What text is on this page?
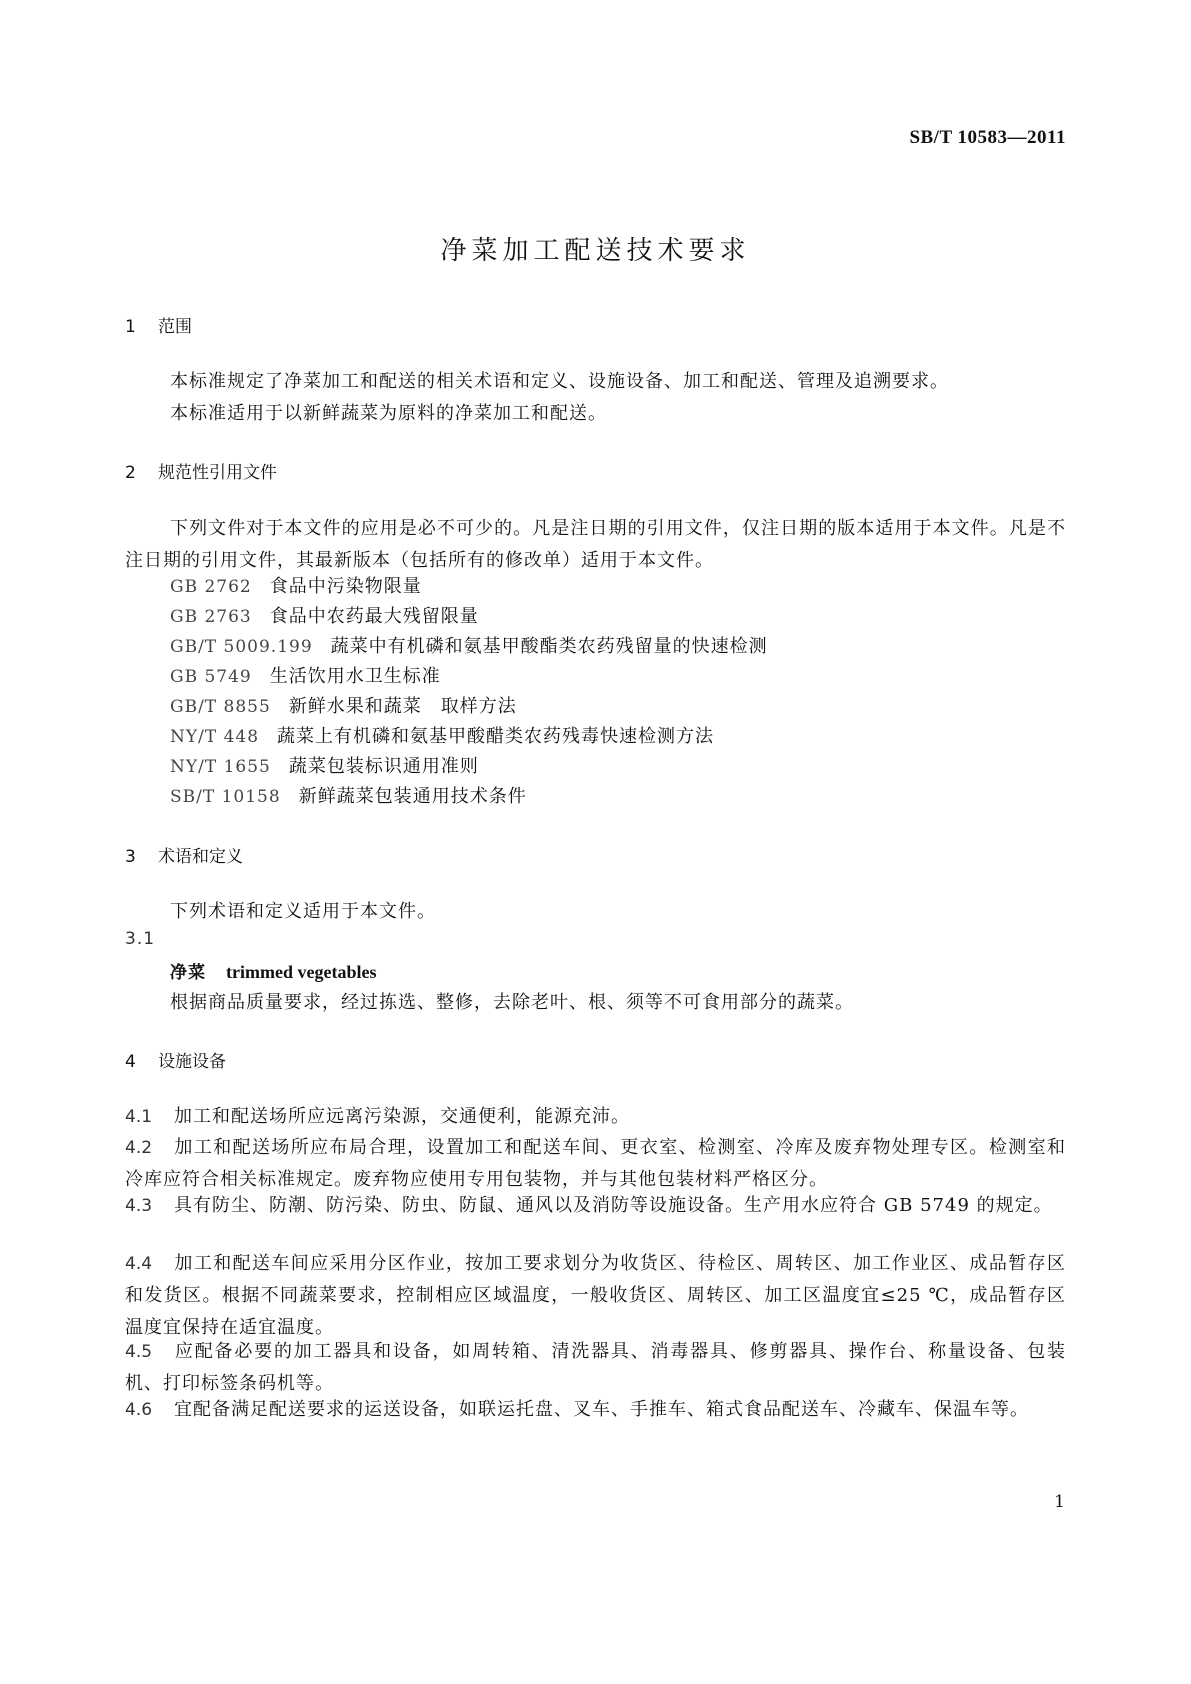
SB/T 10583—2011
净菜加工配送技术要求
1 范围
本标准规定了净菜加工和配送的相关术语和定义、设施设备、加工和配送、管理及追溯要求。
本标准适用于以新鲜蔬菜为原料的净菜加工和配送。
2 规范性引用文件
下列文件对于本文件的应用是必不可少的。凡是注日期的引用文件，仅注日期的版本适用于本文件。凡是不注日期的引用文件，其最新版本（包括所有的修改单）适用于本文件。
GB 2762 食品中污染物限量
GB 2763 食品中农药最大残留限量
GB/T 5009.199 蔬菜中有机磷和氨基甲酸酯类农药残留量的快速检测
GB 5749 生活饮用水卫生标准
GB/T 8855 新鲜水果和蔬菜　取样方法
NY/T 448 蔬菜上有机磷和氨基甲酸醋类农药残毒快速检测方法
NY/T 1655 蔬菜包装标识通用准则
SB/T 10158 新鲜蔬菜包装通用技术条件
3 术语和定义
下列术语和定义适用于本文件。
3.1
净菜 trimmed vegetables
根据商品质量要求，经过拣选、整修，去除老叶、根、须等不可食用部分的蔬菜。
4 设施设备
4.1 加工和配送场所应远离污染源，交通便利，能源充沛。
4.2 加工和配送场所应布局合理，设置加工和配送车间、更衣室、检测室、冷库及废弃物处理专区。检测室和冷库应符合相关标准规定。废弃物应使用专用包装物，并与其他包装材料严格区分。
4.3 具有防尘、防潮、防污染、防虫、防鼠、通风以及消防等设施设备。生产用水应符合 GB 5749 的规定。
4.4 加工和配送车间应采用分区作业，按加工要求划分为收货区、待检区、周转区、加工作业区、成品暂存区和发货区。根据不同蔬菜要求，控制相应区域温度，一般收货区、周转区、加工区温度宜≤25 ℃，成品暂存区温度宜保持在适宜温度。
4.5 应配备必要的加工器具和设备，如周转箱、清洗器具、消毒器具、修剪器具、操作台、称量设备、包装机、打印标签条码机等。
4.6 宜配备满足配送要求的运送设备，如联运托盘、叉车、手推车、箱式食品配送车、冷藏车、保温车等。
1
